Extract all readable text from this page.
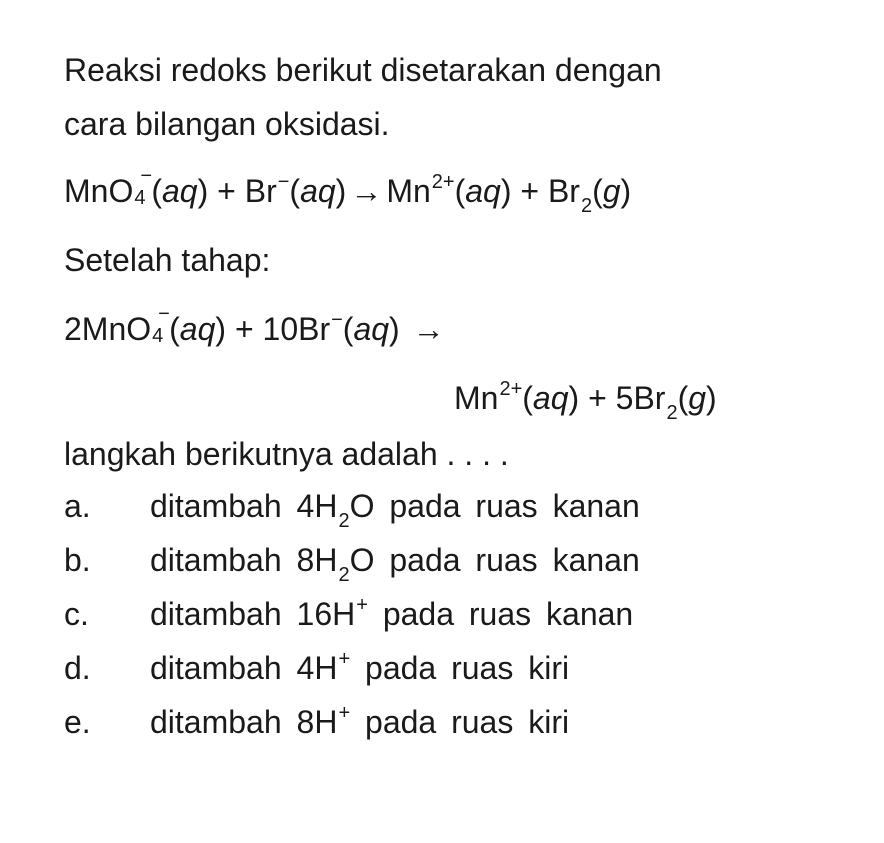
Reaksi redoks berikut disetarakan dengan
cara bilangan oksidasi.
MnO 4
− $(aq) + Br^-(aq) \to Mn^{2+}(aq) + Br_2(g)$
Setelah tahap:
2MnO 4
− (aq) + 10Br−(aq) →
$Mn^{2+}(aq) + 5Br_2(g)$
langkah berikutnya adalah . . . .
a. ditambah $4H_2O$ pada ruas kanan
b. ditambah $8H_2O$ pada ruas kanan
c. ditambah 16H+ pada ruas kanan
d. ditambah 4H+ pada ruas kiri
e. ditambah 8H+ pada ruas kiri
